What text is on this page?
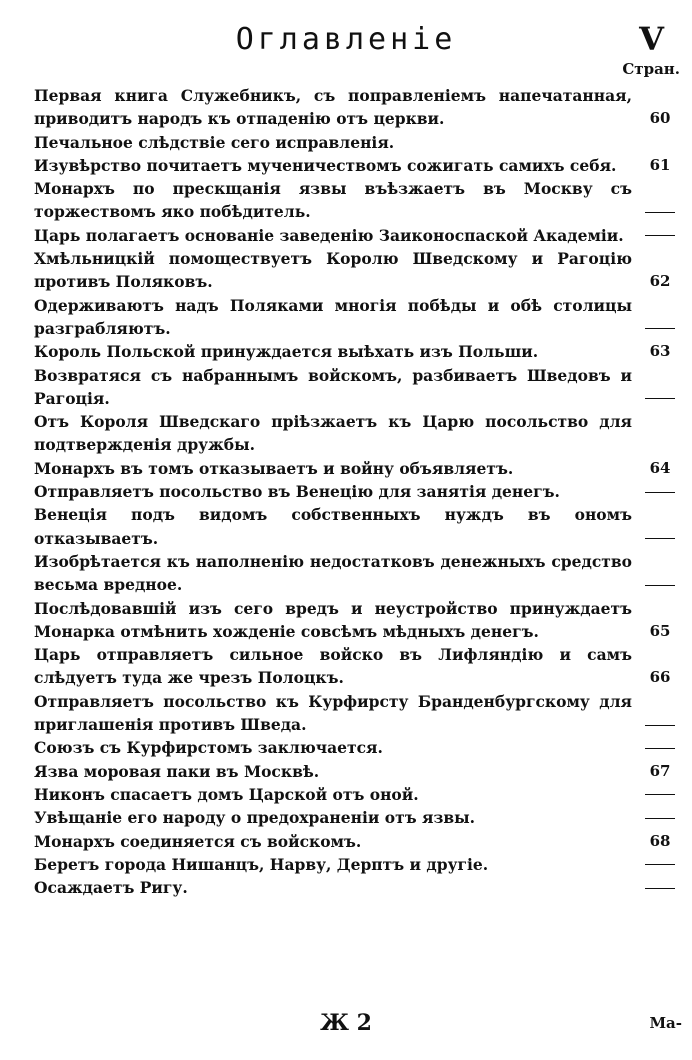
Оглавленіе	V
Стран.
Первая книга Служебникъ, съ поправленіемъ напечатанная, приводитъ народъ къ отпаденію отъ церкви.	60
Печальное слѣдствіе сего исправленія.
Изувѣрство почитаетъ мученичествомъ сожигать самихъ себя.	61
Монархъ по прескщанія язвы въѣзжаетъ въ Москву съ торжествомъ яко побѣдитель.
Царь полагаетъ основаніе заведенію Заиконоспаской Академіи.
Хмѣльницкій помоществуетъ Королю Шведскому и Рагоцію противъ Поляковъ.	62
Одерживаютъ надъ Поляками многія побѣды и обѣ столицы разграбляютъ.
Король Польской принуждается выѣхать изъ Польши.	63
Возвратяся съ набраннымъ войскомъ, разбиваетъ Шведовъ и Рагоція.
Отъ Короля Шведскаго пріѣзжаетъ къ Царю посольство для подтвержденія дружбы.
Монархъ въ томъ отказываетъ и войну объявляетъ.	64
Отправляетъ посольство въ Венецію для занятія денегъ.
Венеція подъ видомъ собственныхъ нуждъ въ ономъ отказываетъ.
Изобрѣтается къ наполненію недостатковъ денежныхъ средство весьма вредное.
Послѣдовавшій изъ сего вредъ и неустройство принуждаетъ Монарка отмѣнить хожденіе совсѣмъ мѣдныхъ денегъ.	65
Царь отправляетъ сильное войско въ Лифляндію и самъ слѣдуетъ туда же чрезъ Полоцкъ.	66
Отправляетъ посольство къ Курфирсту Бранденбургскому для приглашенія противъ Шведа.
Союзъ съ Курфирстомъ заключается.
Язва моровая паки въ Москвѣ.	67
Никонъ спасаетъ домъ Царской отъ оной.
Увѣщаніе его народу о предохраненіи отъ язвы.
Монархъ соединяется съ войскомъ.	68
Беретъ города Нишанцъ, Нарву, Дерптъ и другіе.
Осаждаетъ Ригу.
Ж 2	Ма-
